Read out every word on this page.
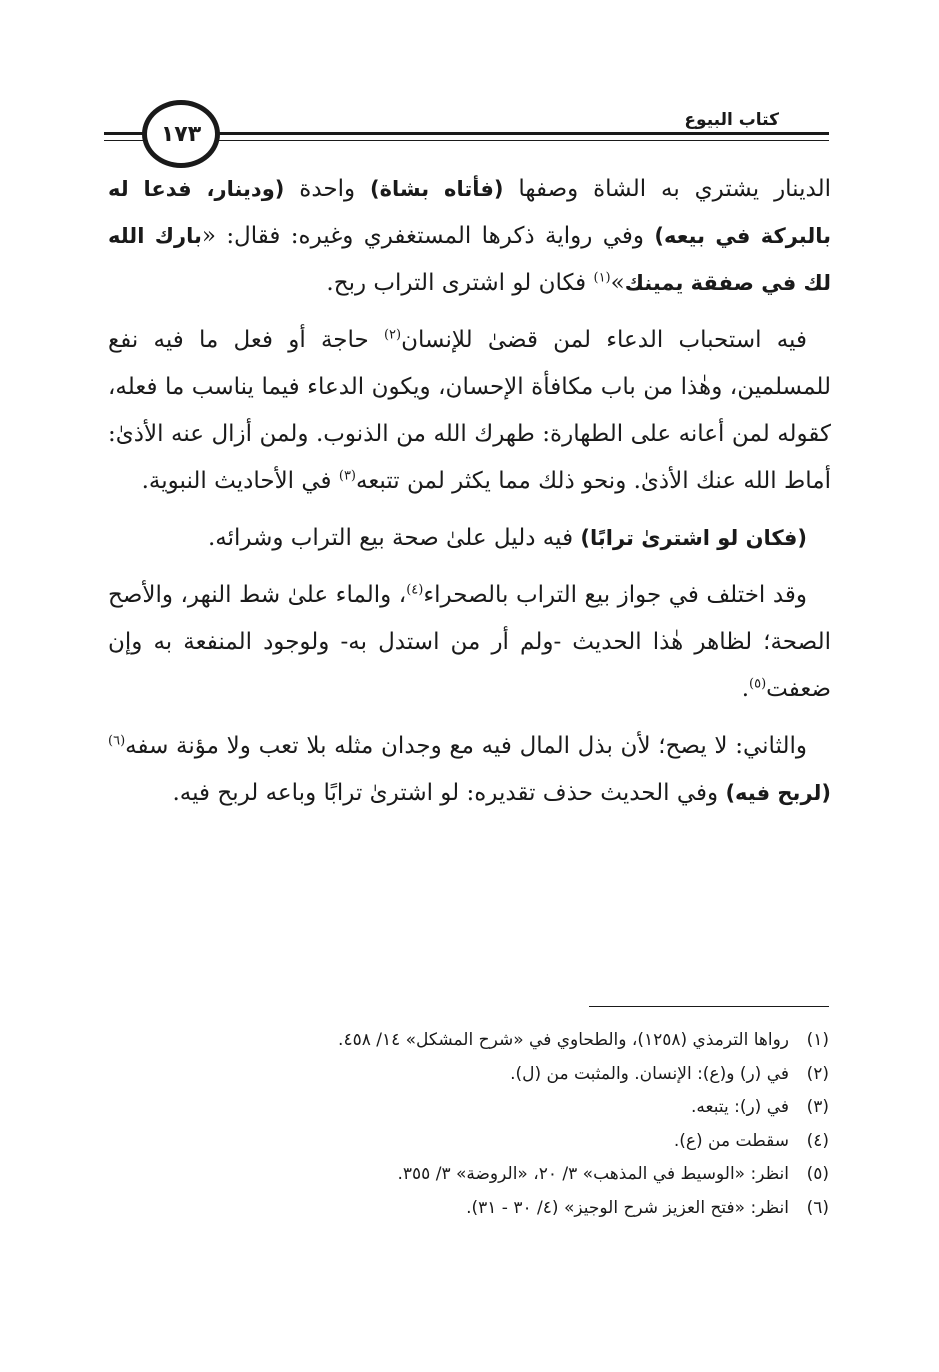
كتاب البيوع
١٧٣

الدينار يشتري به الشاة وصفها (فأتاه بشاة) واحدة (ودينار، فدعا له بالبركة في بيعه) وفي رواية ذكرها المستغفري وغيره: فقال: «بارك الله لك في صفقة يمينك»$^{(١)}$ فكان لو اشترى التراب ربح.

فيه استحباب الدعاء لمن قضىٰ للإنسان$^{(٢)}$ حاجة أو فعل ما فيه نفع للمسلمين، وهٰذا من باب مكافأة الإحسان، ويكون الدعاء فيما يناسب ما فعله، كقوله لمن أعانه على الطهارة: طهرك الله من الذنوب. ولمن أزال عنه الأذىٰ: أماط الله عنك الأذىٰ. ونحو ذلك مما يكثر لمن تتبعه$^{(٣)}$ في الأحاديث النبوية.

(فكان لو اشترىٰ ترابًا) فيه دليل علىٰ صحة بيع التراب وشرائه.

وقد اختلف في جواز بيع التراب بالصحراء$^{(٤)}$، والماء علىٰ شط النهر، والأصح الصحة؛ لظاهر هٰذا الحديث -ولم أر من استدل به- ولوجود المنفعة به وإن ضعفت$^{(٥)}$.

والثاني: لا يصح؛ لأن بذل المال فيه مع وجدان مثله بلا تعب ولا مؤنة سفه$^{(٦)}$ (لربح فيه) وفي الحديث حذف تقديره: لو اشترىٰ ترابًا وباعه لربح فيه.

(١)رواها الترمذي (١٢٥٨)، والطحاوي في «شرح المشكل» ١٤/ ٤٥٨.
(٢)في (ر) و(ع): الإنسان. والمثبت من (ل).
(٣)في (ر): يتبعه.
(٤)سقطت من (ع).
(٥)انظر: «الوسيط في المذهب» ٣/ ٢٠، «الروضة» ٣/ ٣٥٥.
(٦)انظر: «فتح العزيز شرح الوجيز» (٤/ ٣٠ - ٣١).
